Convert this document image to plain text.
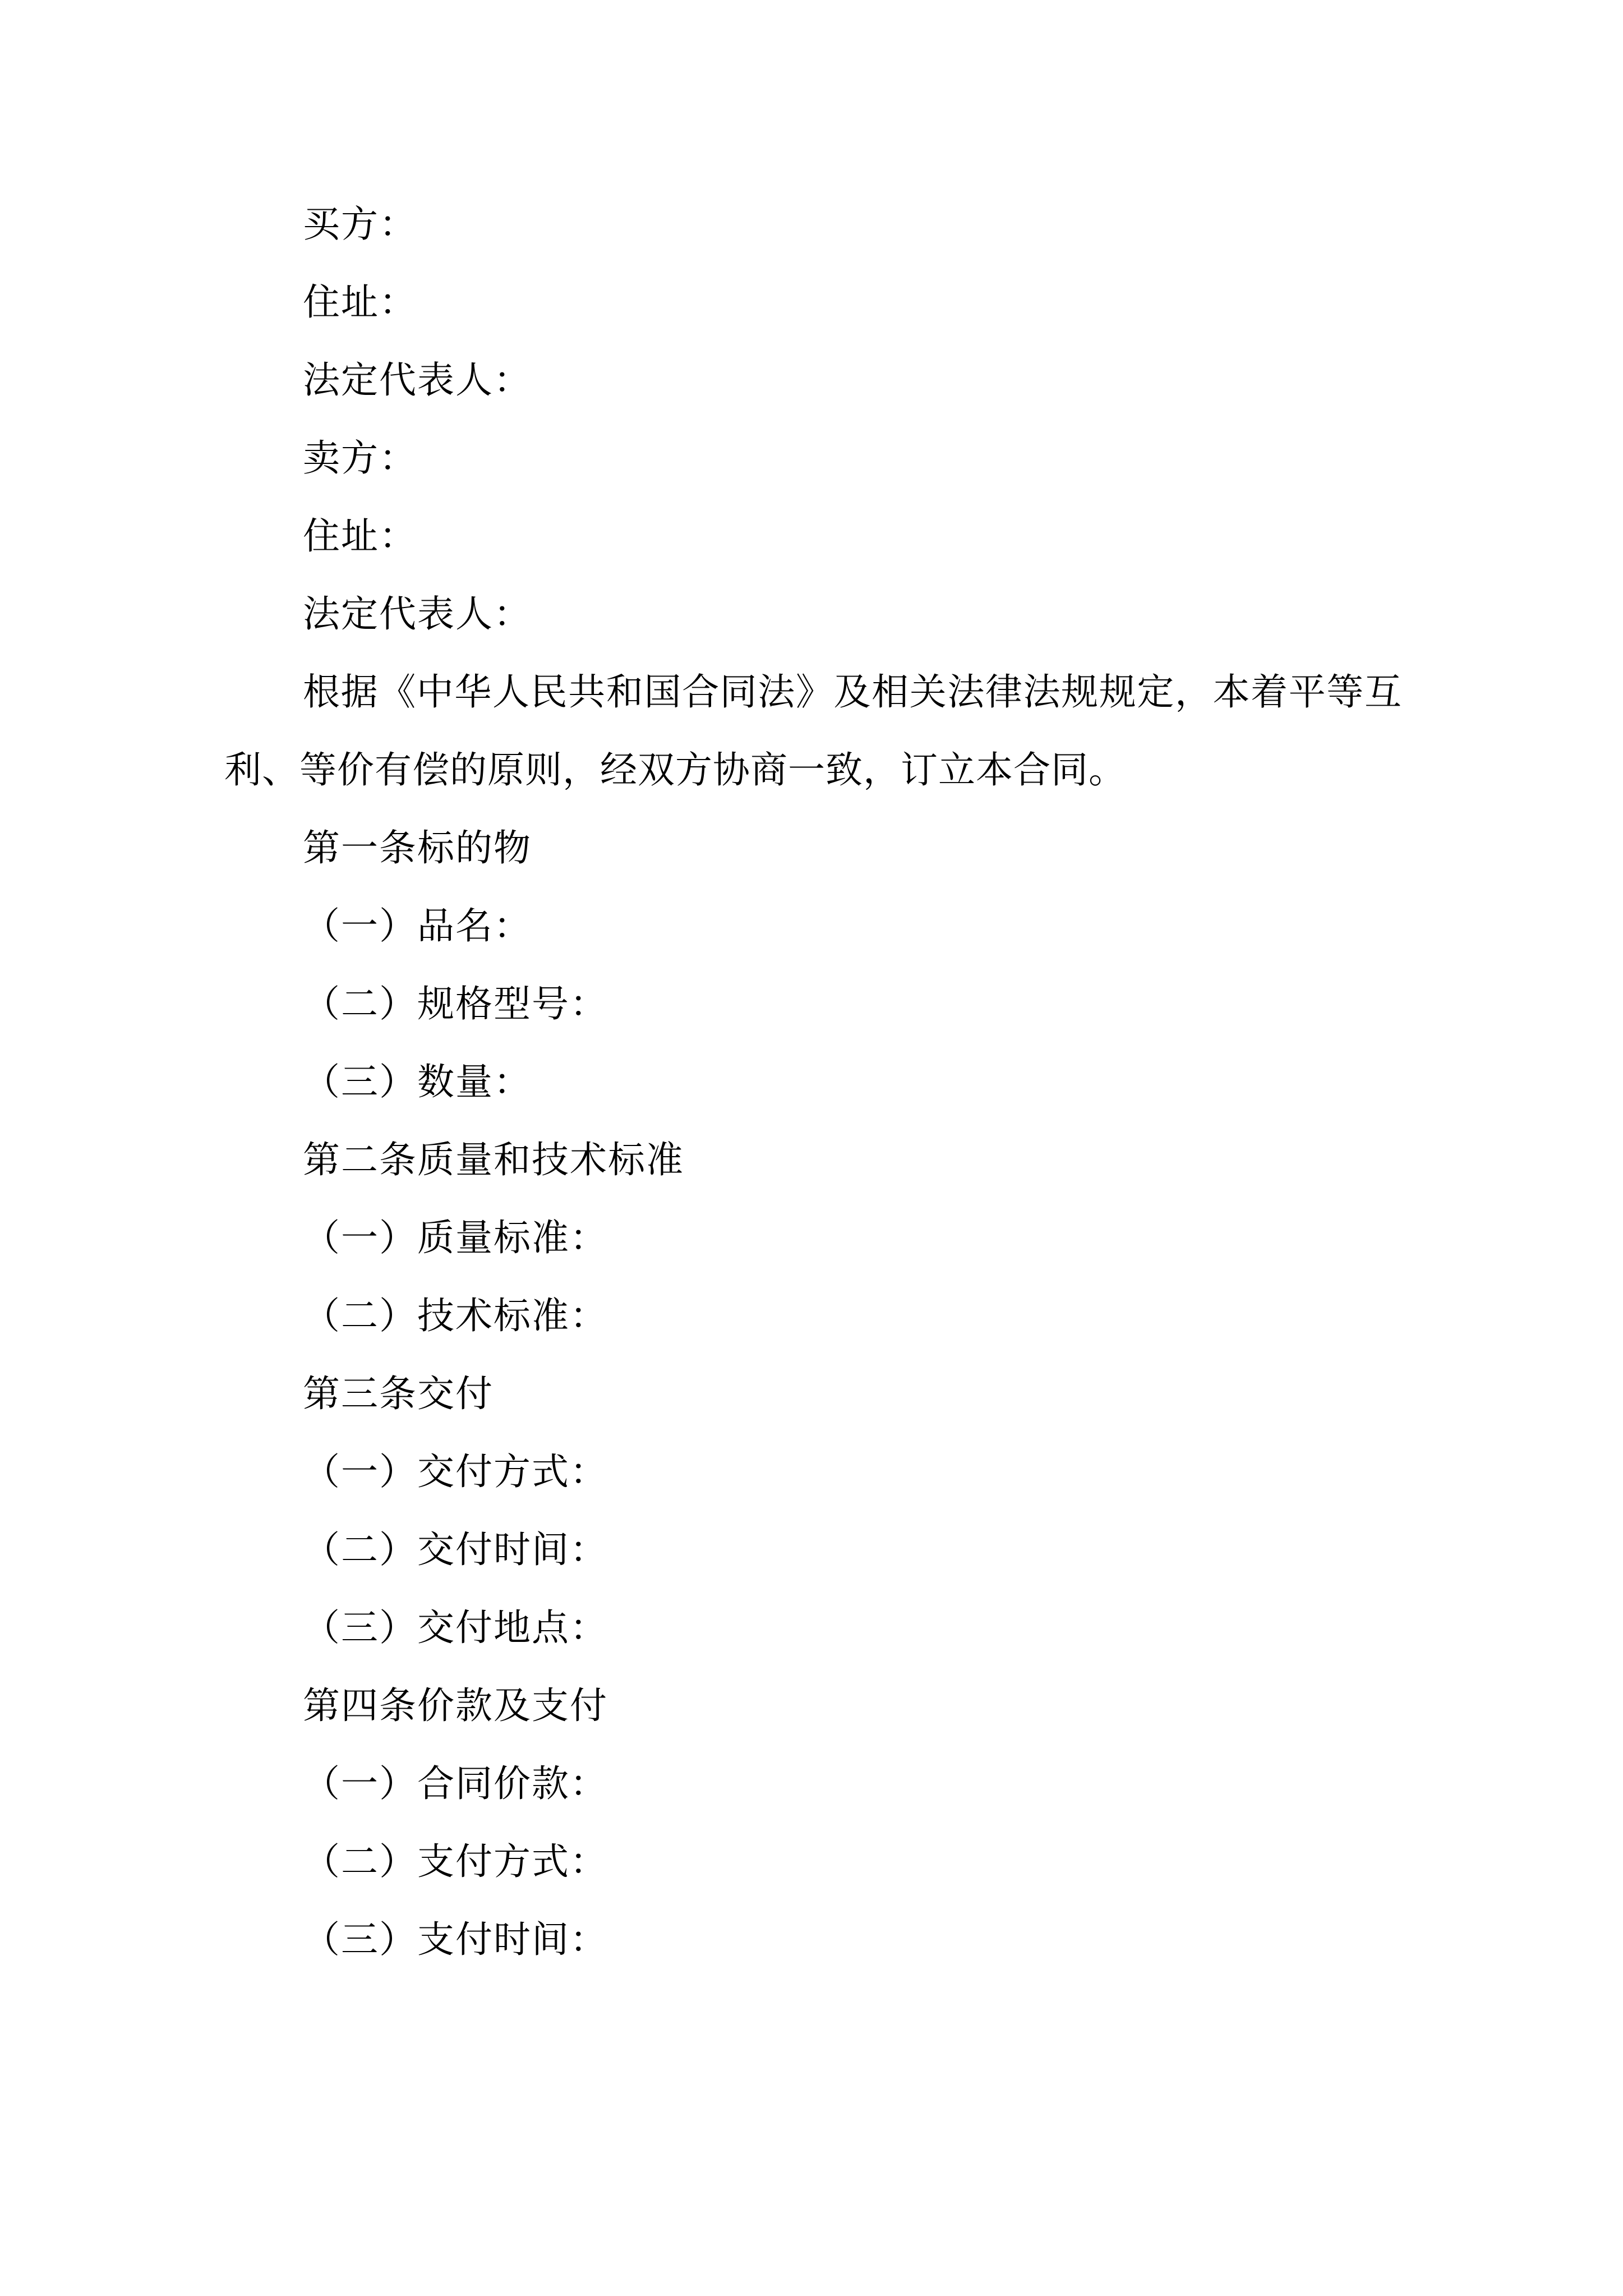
买方：
住址：
法定代表人：
卖方：
住址：
法定代表人：
根据《中华人民共和国合同法》及相关法律法规规定，本着平等互利、等价有偿的原则，经双方协商一致，订立本合同。
第一条标的物
（一）品名：
（二）规格型号：
（三）数量：
第二条质量和技术标准
（一）质量标准：
（二）技术标准：
第三条交付
（一）交付方式：
（二）交付时间：
（三）交付地点：
第四条价款及支付
（一）合同价款：
（二）支付方式：
（三）支付时间：
